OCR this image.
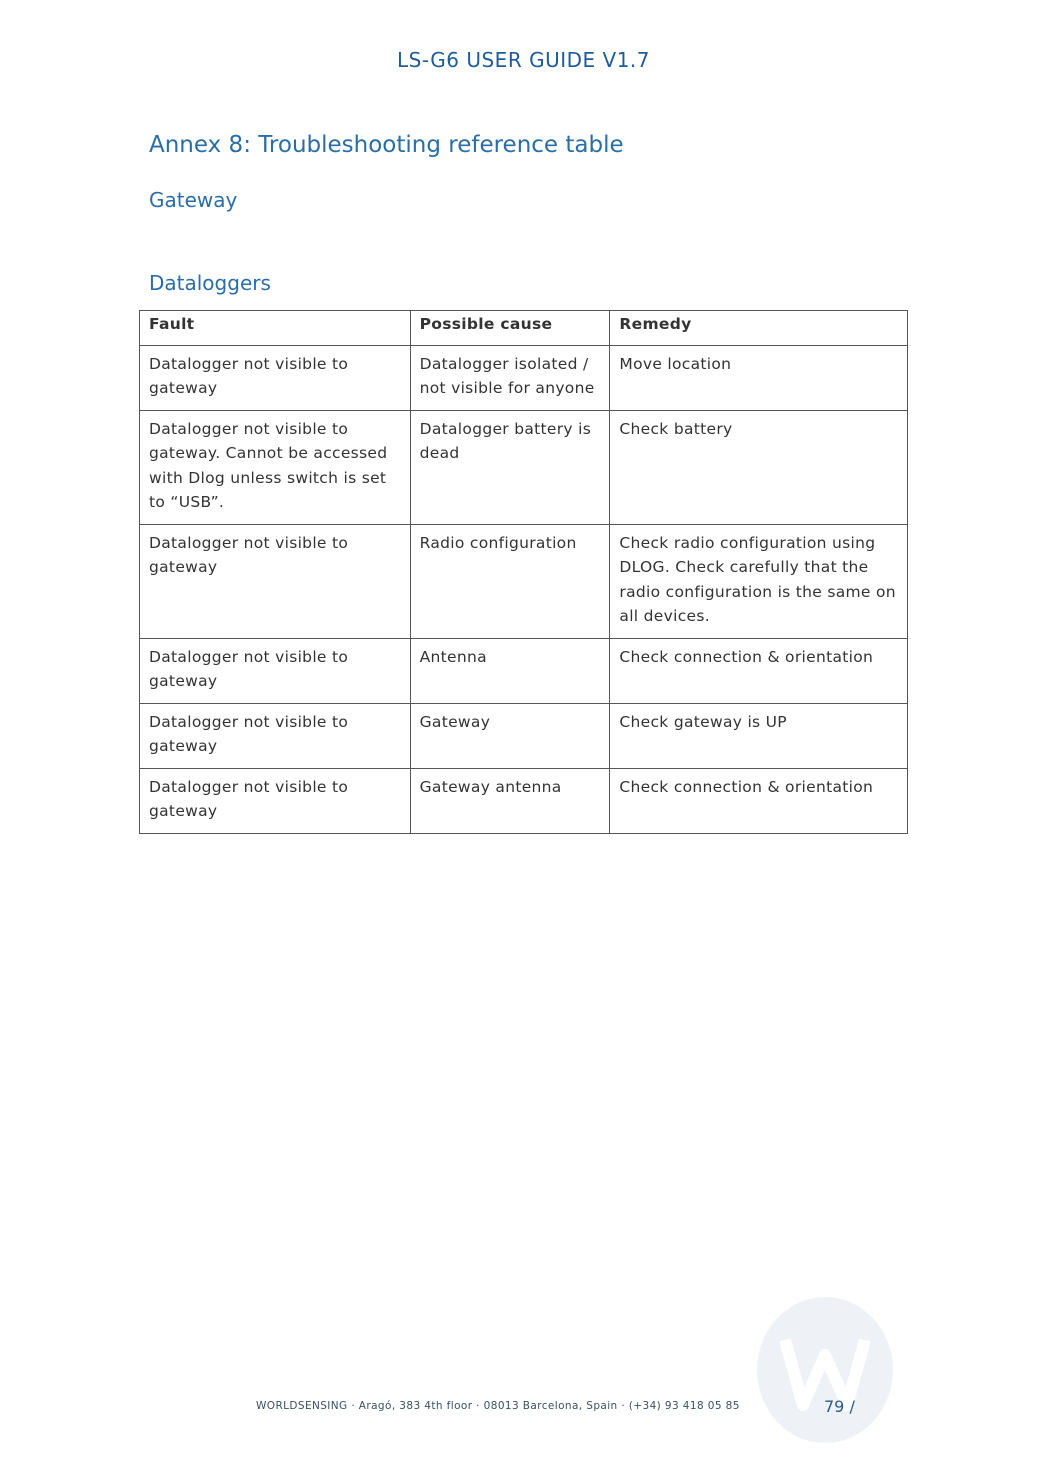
LS-G6 USER GUIDE V1.7
Annex 8: Troubleshooting reference table
Gateway
Dataloggers
Fault	Possible cause	Remedy
Datalogger not visible to gateway	Datalogger isolated / not visible for anyone	Move location
Datalogger not visible to gateway. Cannot be accessed with Dlog unless switch is set to “USB”.	Datalogger battery is dead	Check battery
Datalogger not visible to gateway	Radio configuration	Check radio configuration using DLOG. Check carefully that the radio configuration is the same on all devices.
Datalogger not visible to gateway	Antenna	Check connection & orientation
Datalogger not visible to gateway	Gateway	Check gateway is UP
Datalogger not visible to gateway	Gateway antenna	Check connection & orientation
WORLDSENSING · Aragó, 383 4th floor · 08013 Barcelona, Spain · (+34) 93 418 05 85	79 /
